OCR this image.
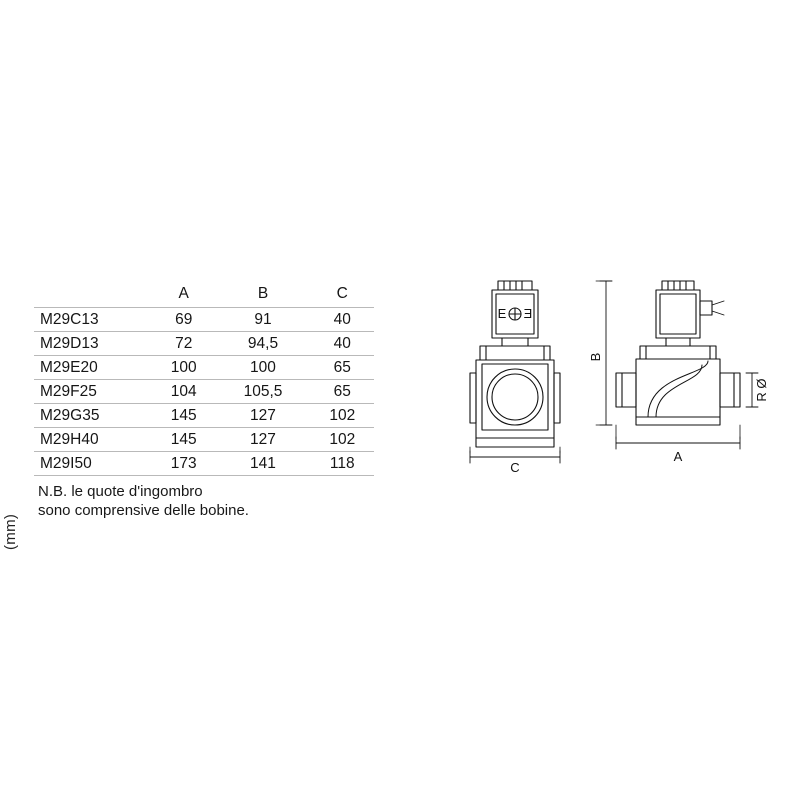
(mm)
	A	B	C
M29C13	69	91	40
M29D13	72	94,5	40
M29E20	100	100	65
M29F25	104	105,5	65
M29G35	145	127	102
M29H40	145	127	102
M29I50	173	141	118
N.B. le quote d'ingombro
sono comprensive delle bobine.
E Ǝ
C
B
R Ø
A
